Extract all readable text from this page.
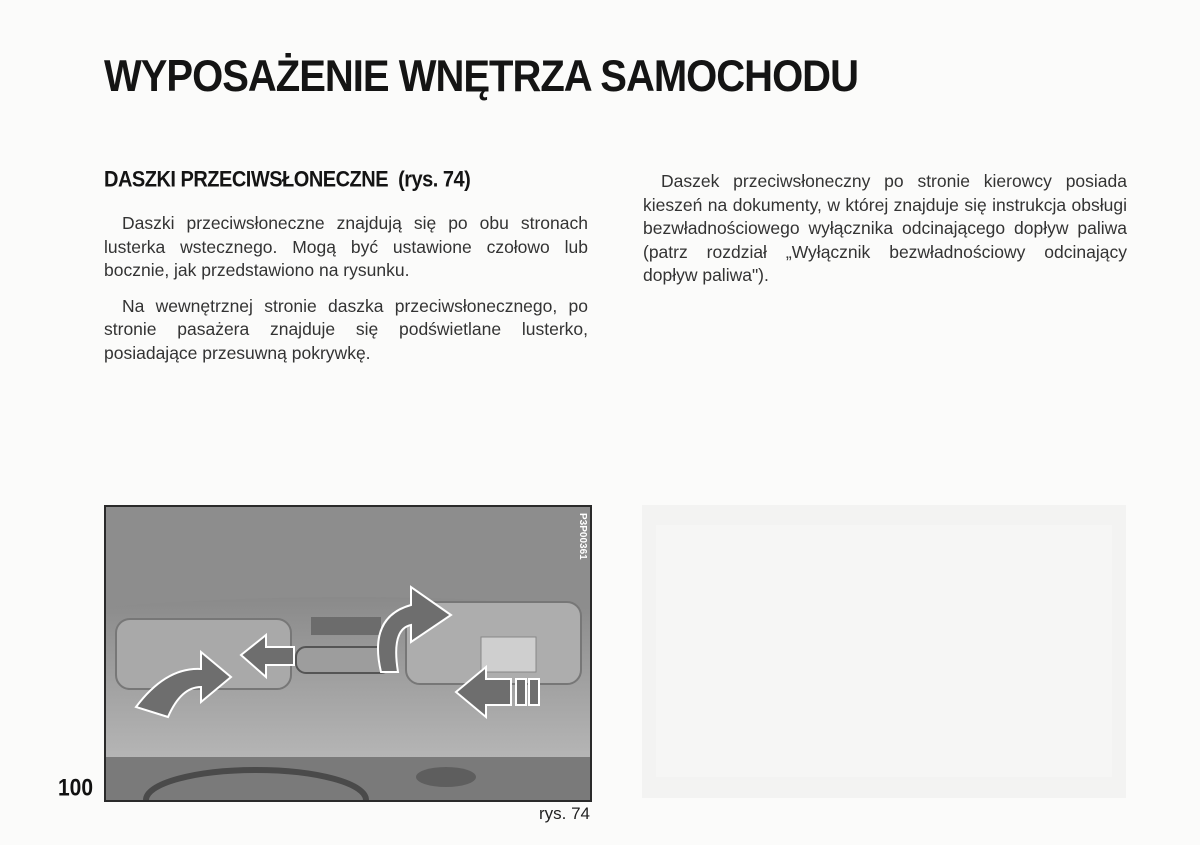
WYPOSAŻENIE WNĘTRZA SAMOCHODU
DASZKI PRZECIWSŁONECZNE (rys. 74)

Daszki przeciwsłoneczne znajdują się po obu stronach lusterka wstecznego. Mogą być ustawione czołowo lub bocznie, jak przedstawiono na rysunku.

Na wewnętrznej stronie daszka przeciwsłonecznego, po stronie pasażera znajduje się podświetlane lusterko, posiadające przesuwną pokrywkę.

Daszek przeciwsłoneczny po stronie kierowcy posiada kieszeń na dokumenty, w której znajduje się instrukcja obsługi bezwładnościowego wyłącznika odcinającego dopływ paliwa (patrz rozdział „Wyłącznik bezwładnościowy odcinający dopływ paliwa").

P3P00361
rys. 74
100
